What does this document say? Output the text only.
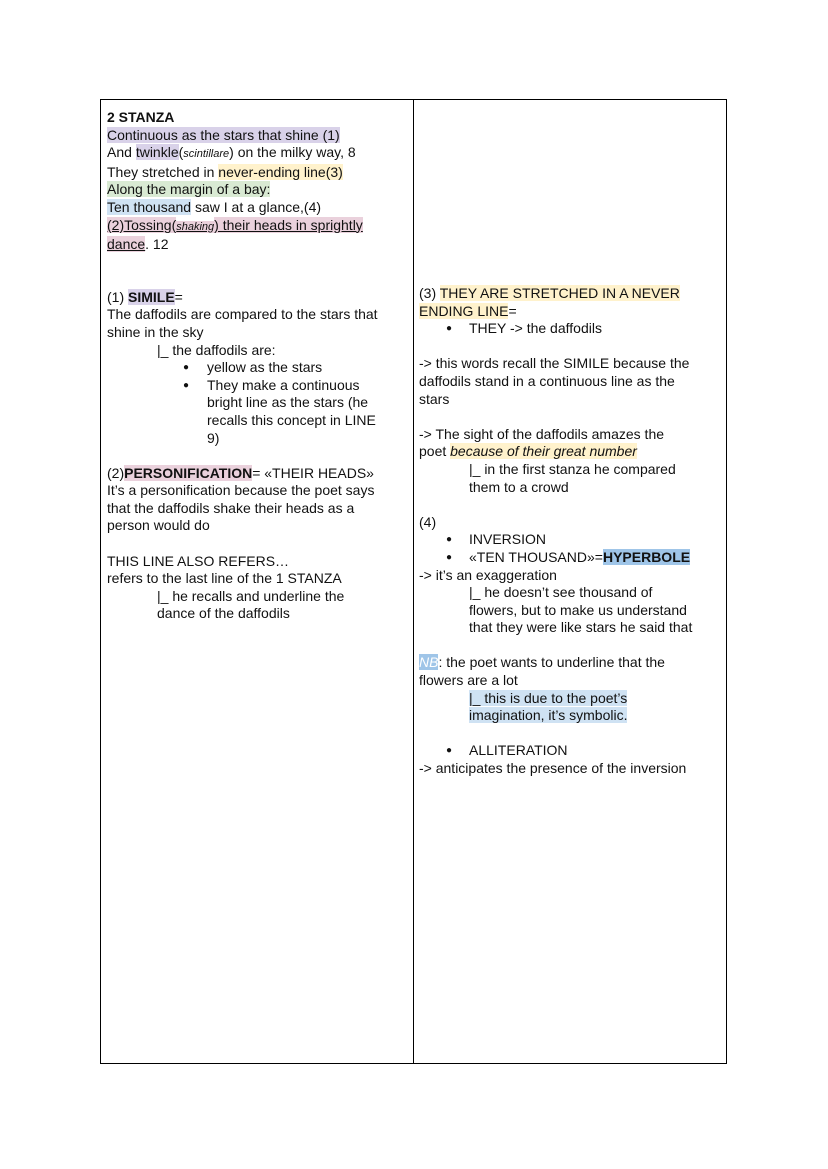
2 STANZA
Continuous as the stars that shine (1)
And twinkle(scintillare) on the milky way, 8
They stretched in never-ending line(3)
Along the margin of a bay:
Ten thousand saw I at a glance,(4)
(2)Tossing(shaking) their heads in sprightly
dance. 12
(1) SIMILE=
The daffodils are compared to the stars that
shine in the sky
|_ the daffodils are:
● yellow as the stars
● They make a continuous
bright line as the stars (he
recalls this concept in LINE
9)
(2)PERSONIFICATION= «THEIR HEADS»
It’s a personification because the poet says
that the daffodils shake their heads as a
person would do
THIS LINE ALSO REFERS…
refers to the last line of the 1 STANZA
|_ he recalls and underline the
dance of the daffodils
(3) THEY ARE STRETCHED IN A NEVER
ENDING LINE=
● THEY -> the daffodils
-> this words recall the SIMILE because the
daffodils stand in a continuous line as the
stars
-> The sight of the daffodils amazes the
poet because of their great number
|_ in the first stanza he compared
them to a crowd
(4)
● INVERSION
● «TEN THOUSAND»=HYPERBOLE
-> it’s an exaggeration
|_ he doesn’t see thousand of
flowers, but to make us understand
that they were like stars he said that
NB: the poet wants to underline that the
flowers are a lot
|_ this is due to the poet’s
imagination, it’s symbolic.
● ALLITERATION
-> anticipates the presence of the inversion
